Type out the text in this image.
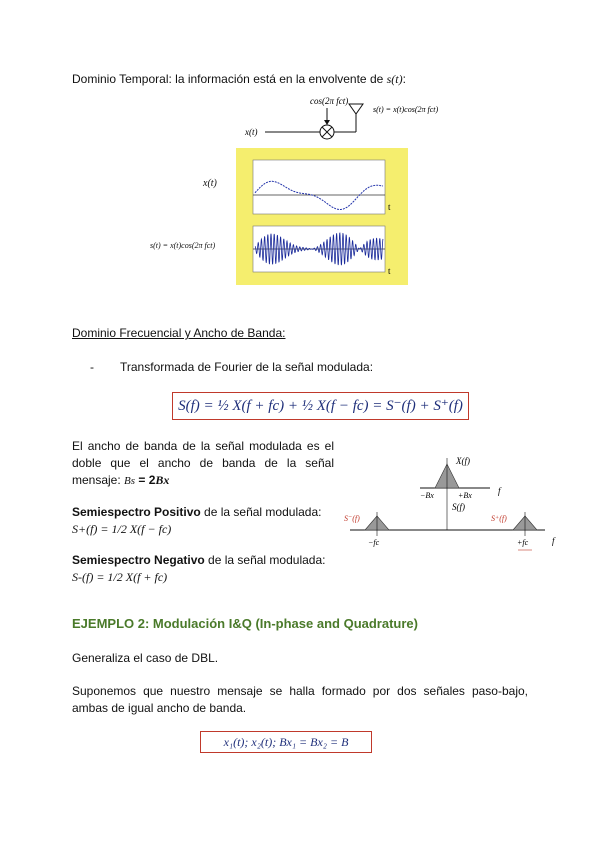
Dominio Temporal: la información está en la envolvente de s(t):
cos(2π fct)
x(t)
s(t) = x(t)cos(2π fct)
t
t
x(t)
s(t) = x(t)cos(2π fct)
Dominio Frecuencial y Ancho de Banda:
- Transformada de Fourier de la señal modulada:
S(f) = ½ X(f + fc) + ½ X(f − fc) = S⁻(f) + S⁺(f)
El ancho de banda de la señal modulada es el doble que el ancho de banda de la señal mensaje: Bs = 2Bx
Semiespectro Positivo de la señal modulada:
S+(f) = 1/2 X(f − fc)
Semiespectro Negativo de la señal modulada:
S-(f) = 1/2 X(f + fc)
X(f)
−Bx	+Bx	f
S(f)
S⁻(f)	S⁺(f)
−fc	+fc	f
EJEMPLO 2: Modulación I&Q (In-phase and Quadrature)
Generaliza el caso de DBL.
Suponemos que nuestro mensaje se halla formado por dos señales paso-bajo, ambas de igual ancho de banda.
x₁(t); x₂(t); Bx₁ = Bx₂ = B
